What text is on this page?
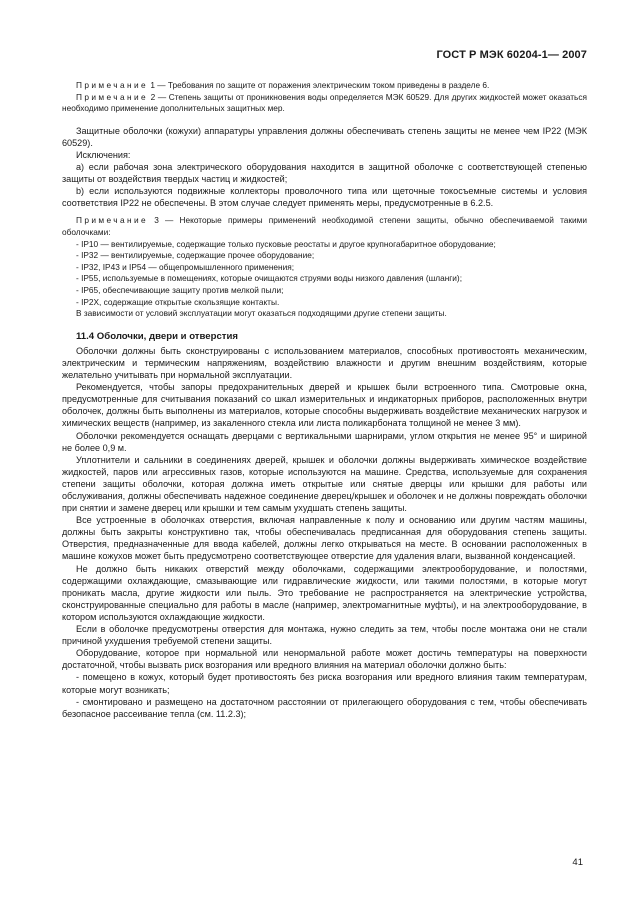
ГОСТ Р МЭК 60204-1— 2007

Примечание 1 — Требования по защите от поражения электрическим током приведены в разделе 6.

Примечание 2 — Степень защиты от проникновения воды определяется МЭК 60529. Для других жидкостей может оказаться необходимо применение дополнительных защитных мер.

Защитные оболочки (кожухи) аппаратуры управления должны обеспечивать степень защиты не менее чем IP22 (МЭК 60529).

Исключения:

а) если рабочая зона электрического оборудования находится в защитной оболочке с соответствующей степенью защиты от воздействия твердых частиц и жидкостей;

b) если используются подвижные коллекторы проволочного типа или щеточные токосъемные системы и условия соответствия IP22 не обеспечены. В этом случае следует применять меры, предусмотренные в 6.2.5.

Примечание 3 — Некоторые примеры применений необходимой степени защиты, обычно обеспечиваемой такими оболочками:

- IP10 — вентилируемые, содержащие только пусковые реостаты и другое крупногабаритное оборудование;

- IP32 — вентилируемые, содержащие прочее оборудование;

- IP32, IP43 и IP54 — общепромышленного применения;

- IP55, используемые в помещениях, которые очищаются струями воды низкого давления (шланги);

- IP65, обеспечивающие защиту против мелкой пыли;

- IP2X, содержащие открытые скользящие контакты.

В зависимости от условий эксплуатации могут оказаться подходящими другие степени защиты.

11.4 Оболочки, двери и отверстия

Оболочки должны быть сконструированы с использованием материалов, способных противостоять механическим, электрическим и термическим напряжениям, воздействию влажности и другим внешним воздействиям, которые желательно учитывать при нормальной эксплуатации.

Рекомендуется, чтобы запоры предохранительных дверей и крышек были встроенного типа. Смотровые окна, предусмотренные для считывания показаний со шкал измерительных и индикаторных приборов, расположенных внутри оболочек, должны быть выполнены из материалов, которые способны выдерживать воздействие механических нагрузок и химических веществ (например, из закаленного стекла или листа поликарбоната толщиной не менее 3 мм).

Оболочки рекомендуется оснащать дверцами с вертикальными шарнирами, углом открытия не менее 95° и шириной не более 0,9 м.

Уплотнители и сальники в соединениях дверей, крышек и оболочки должны выдерживать химическое воздействие жидкостей, паров или агрессивных газов, которые используются на машине. Средства, используемые для сохранения степени защиты оболочки, которая должна иметь открытые или снятые дверцы или крышки для работы или обслуживания, должны обеспечивать надежное соединение дверец/крышек и оболочек и не должны повреждать оболочки при снятии и замене дверец или крышки и тем самым ухудшать степень защиты.

Все устроенные в оболочках отверстия, включая направленные к полу и основанию или другим частям машины, должны быть закрыты конструктивно так, чтобы обеспечивалась предписанная для оборудования степень защиты. Отверстия, предназначенные для ввода кабелей, должны легко открываться на месте. В основании расположенных в машине кожухов может быть предусмотрено соответствующее отверстие для удаления влаги, вызванной конденсацией.

Не должно быть никаких отверстий между оболочками, содержащими электрооборудование, и полостями, содержащими охлаждающие, смазывающие или гидравлические жидкости, или такими полостями, в которые могут проникать масла, другие жидкости или пыль. Это требование не распространяется на электрические устройства, сконструированные специально для работы в масле (например, электромагнитные муфты), и на электрооборудование, в котором используются охлаждающие жидкости.

Если в оболочке предусмотрены отверстия для монтажа, нужно следить за тем, чтобы после монтажа они не стали причиной ухудшения требуемой степени защиты.

Оборудование, которое при нормальной или ненормальной работе может достичь температуры на поверхности достаточной, чтобы вызвать риск возгорания или вредного влияния на материал оболочки должно быть:

- помещено в кожух, который будет противостоять без риска возгорания или вредного влияния таким температурам, которые могут возникать;

- смонтировано и размещено на достаточном расстоянии от прилегающего оборудования с тем, чтобы обеспечивать безопасное рассеивание тепла (см. 11.2.3);

41
